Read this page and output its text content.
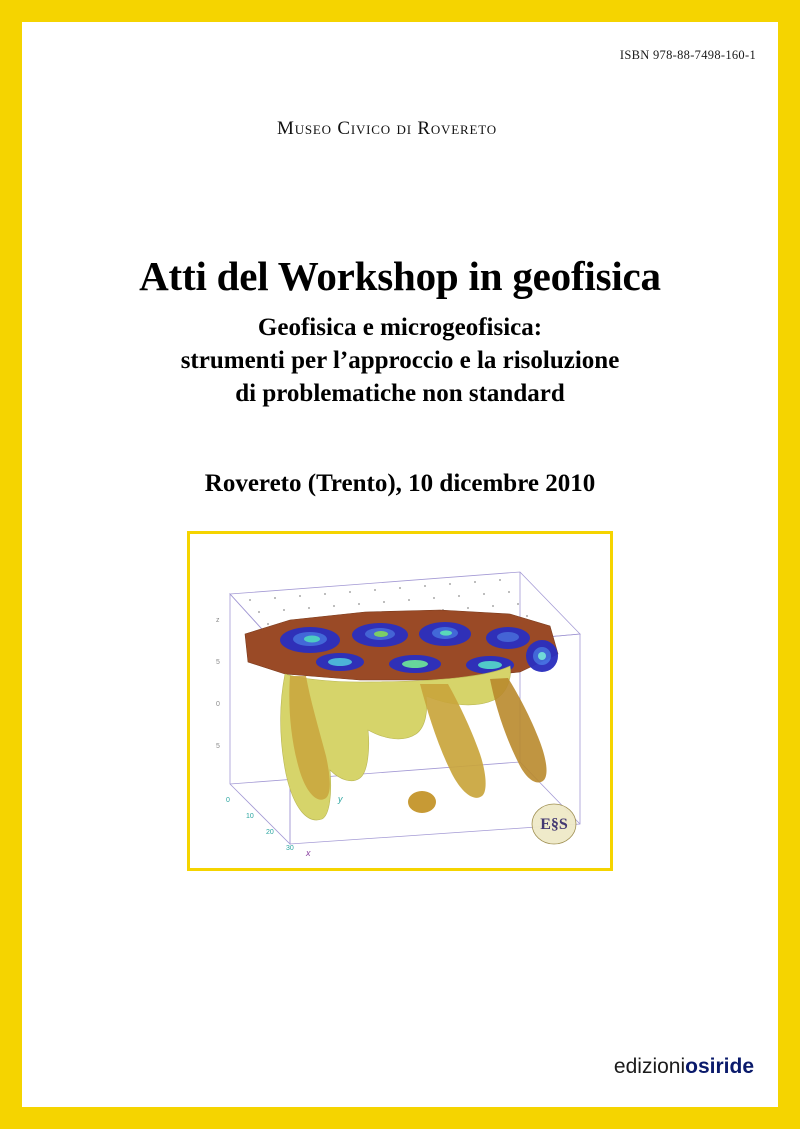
ISBN 978-88-7498-160-1
Museo Civico di Rovereto
Atti del Workshop in geofisica
Geofisica e microgeofisica:
strumenti per l’approccio e la risoluzione
di problematiche non standard
Rovereto (Trento), 10 dicembre 2010
0
10
20
30 x
z
5
0
5
y
E§S
edizioniosiride
